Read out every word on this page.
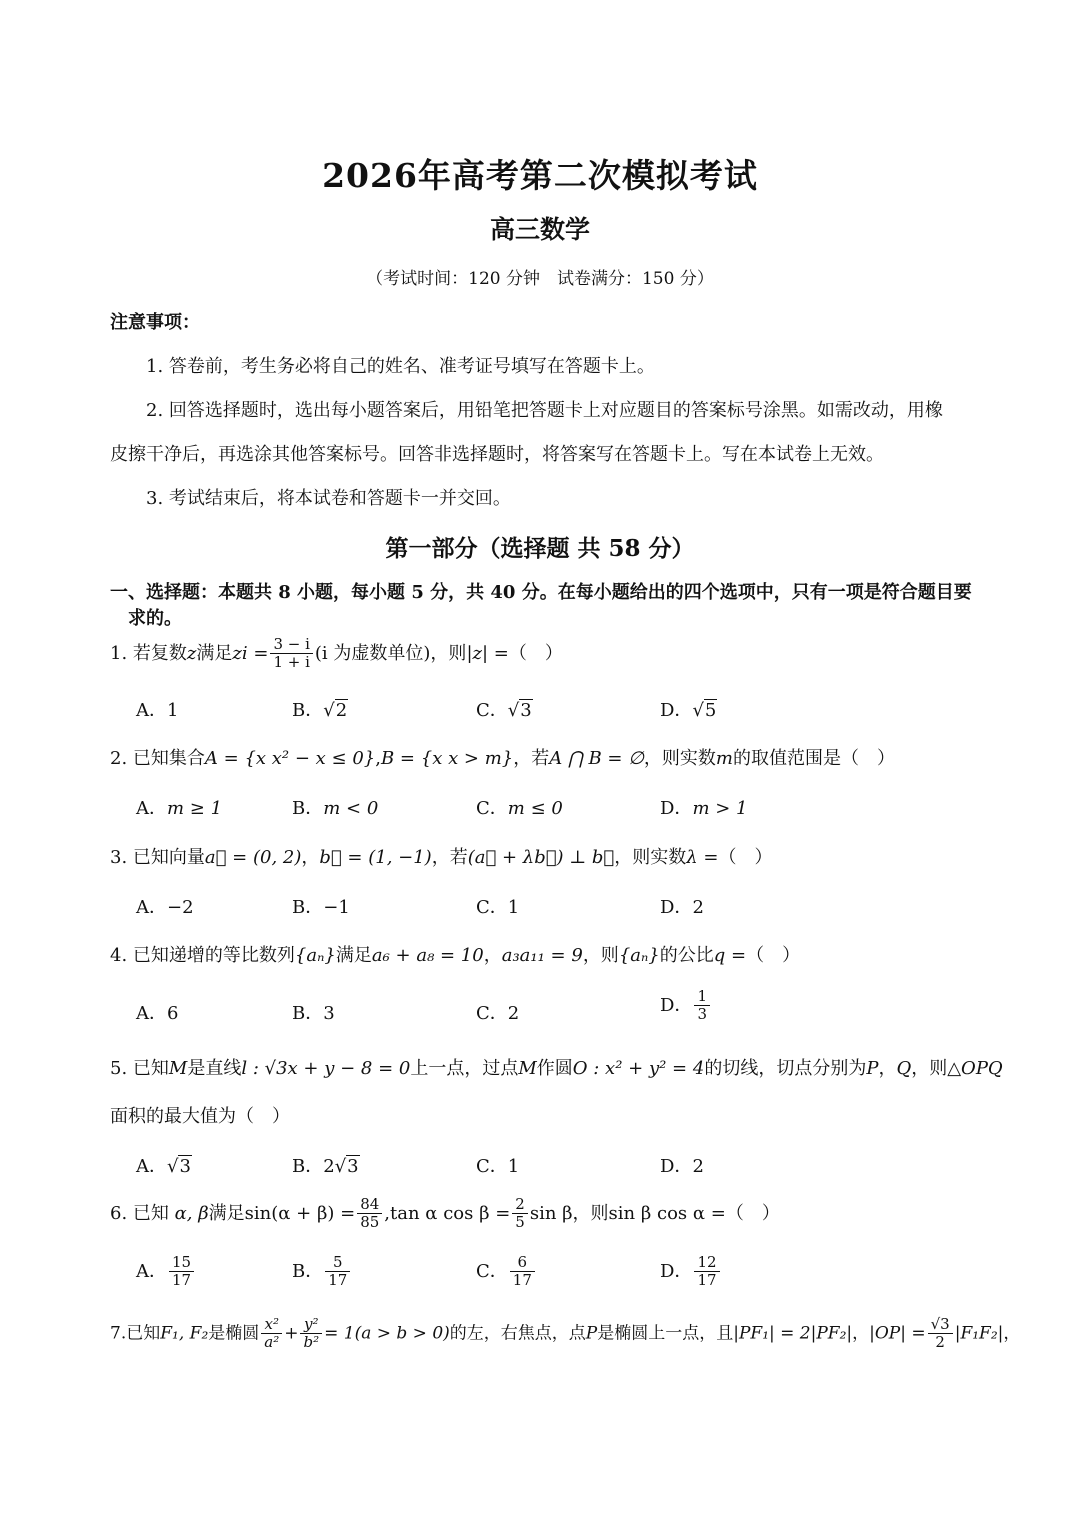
2026年高考第二次模拟考试
高三数学
（考试时间：120 分钟　试卷满分：150 分）
注意事项：
1. 答卷前，考生务必将自己的姓名、准考证号填写在答题卡上。
2. 回答选择题时，选出每小题答案后，用铅笔把答题卡上对应题目的答案标号涂黑。如需改动，用橡
皮擦干净后，再选涂其他答案标号。回答非选择题时，将答案写在答题卡上。写在本试卷上无效。
3. 考试结束后，将本试卷和答题卡一并交回。
第一部分（选择题 共 58 分）
一、选择题：本题共 8 小题，每小题 5 分，共 40 分。在每小题给出的四个选项中，只有一项是符合题目要
求的。
1. 若复数z满足zi = $\frac{3 - i}{1 + i} (i$ 为虚数单位)，则|z| =（　）
A．1	B．√2	C．√3	D．√5
2. 已知集合A = {x x² − x ≤ 0},B = {x x > m}，若A ⋂ B = ∅，则实数m的取值范围是（　）
A．m ≥ 1	B．m < 0	C．m ≤ 0	D．m > 1
3. 已知向量a⃗ = (0, 2)，b⃗ = (1, −1)，若(a⃗ + λb⃗) ⊥ b⃗，则实数λ =（　）
A．−2	B．−1	C．1	D．2
4. 已知递增的等比数列{aₙ}满足a₆ + a₈ = 10，a₃a₁₁ = 9，则{aₙ}的公比q =（　）
A．6	B．3	C．2	D． $\frac{1}{3}$
5. 已知M是直线l : √3x + y − 8 = 0上一点，过点M作圆O : x² + y² = 4的切线，切点分别为P，Q，则△OPQ
面积的最大值为（　）
A．√3	B．2√3	C．1	D．2
6. 已知 α, β满足$\sin(\alpha + \beta) = \frac{84}{85} ,\tan$ α $\cos \beta = \frac{2}{5}$ sin β，则sin β cos α =（　）
A． $\frac{15}{17}$	B． $\frac{5}{17}$	C． $\frac{6}{17}$	D． $\frac{12}{17}$
7.已知F₁, F₂是椭圆 $\frac{\text{x²}}{\text{a²}} + \frac{\text{y²}}{\text{b²}} = 1(a > b > 0)$的左，右焦点，点P是椭圆上一点，且|PF₁| = 2|PF₂|，$|OP| = \frac{√3}{2} |F_1F_2|$，
